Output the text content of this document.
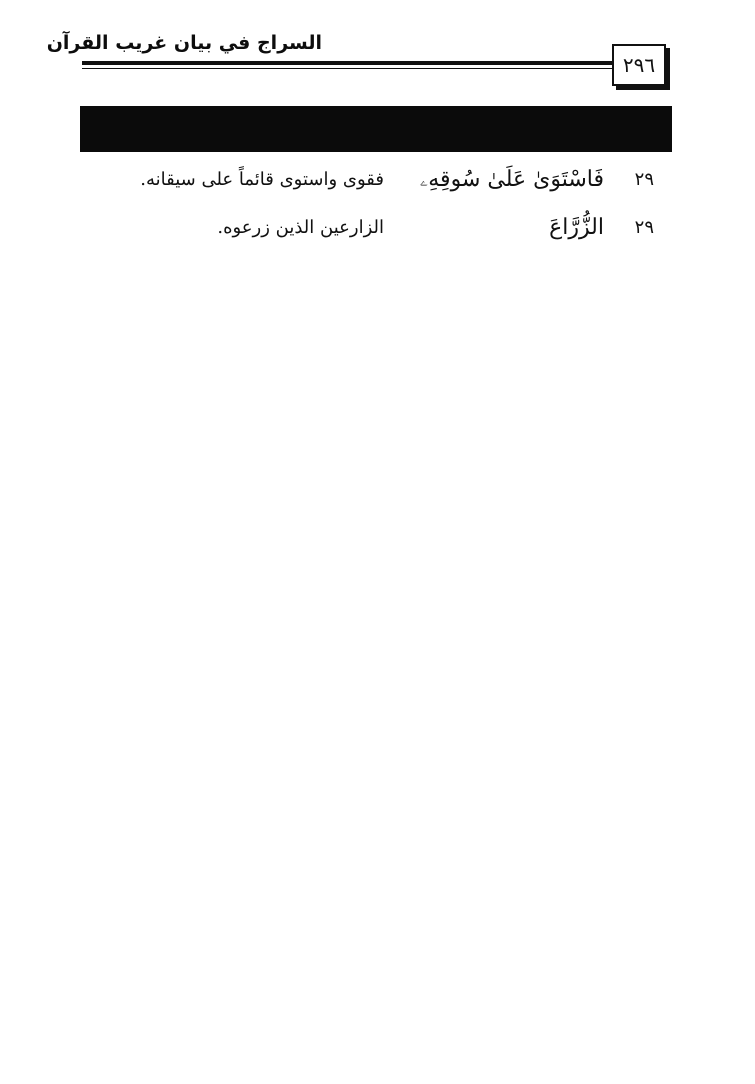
السراج في بيان غريب القرآن
٢٩٦
٢٩
فَاسْتَوَىٰ عَلَىٰ سُوقِهِۦ
فقوى واستوى قائماً على سيقانه.
٢٩
الزُّرَّاعَ
الزارعين الذين زرعوه.
